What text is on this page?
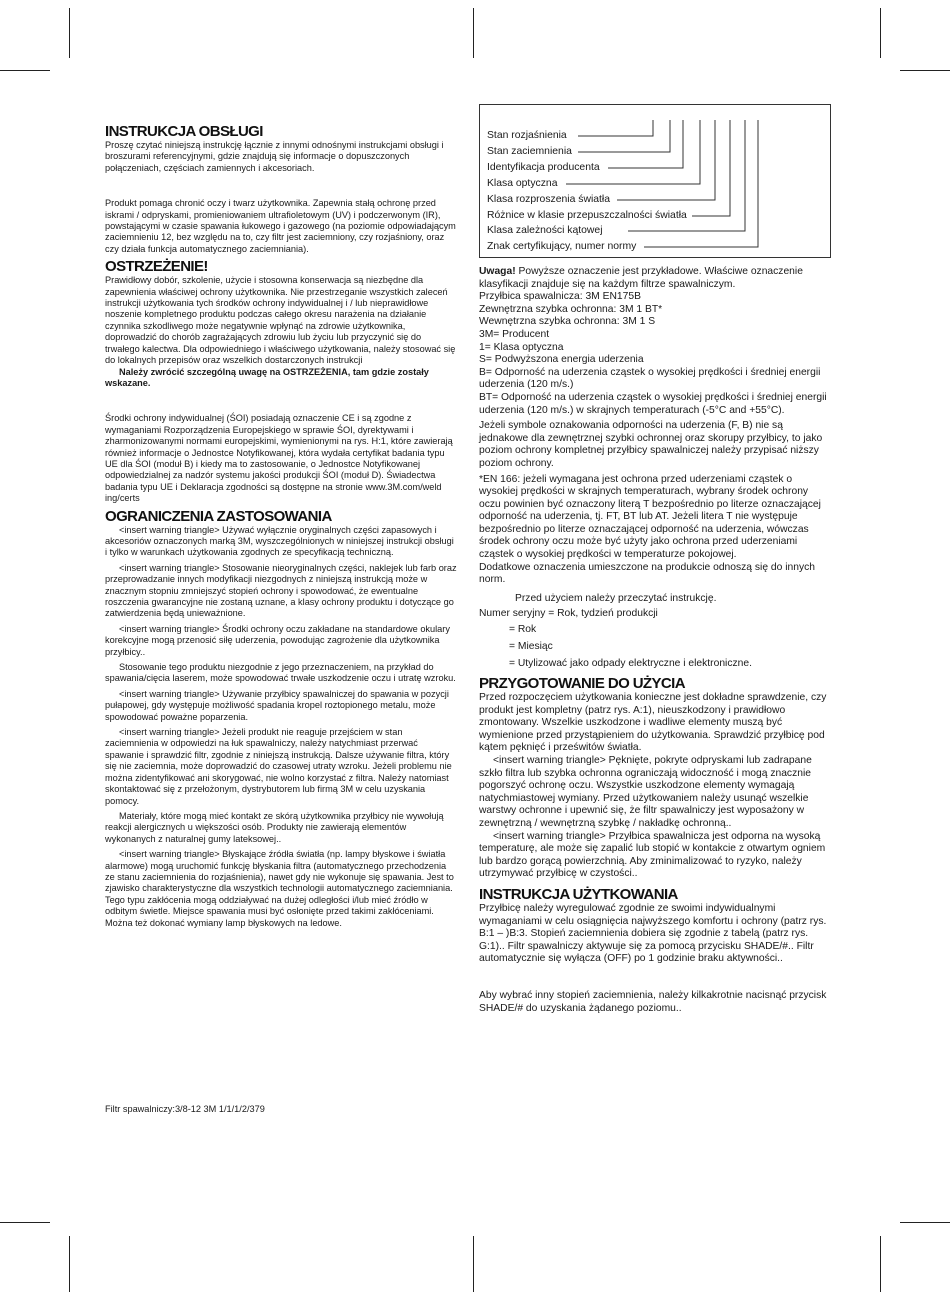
INSTRUKCJA OBSŁUGI

Proszę czytać niniejszą instrukcję łącznie z innymi odnośnymi instrukcjami obsługi i broszurami referencyjnymi, gdzie znajdują się informacje o dopuszczonych połączeniach, częściach zamiennych i akcesoriach.

Produkt pomaga chronić oczy i twarz użytkownika. Zapewnia stałą ochronę przed iskrami / odpryskami, promieniowaniem ultrafioletowym (UV) i podczerwonym (IR), powstającymi w czasie spawania łukowego i gazowego (na poziomie odpowiadającym zaciemnieniu 12, bez względu na to, czy filtr jest zaciemniony, czy rozjaśniony, oraz czy działa funkcja automatycznego zaciemniania).

OSTRZEŻENIE!

Prawidłowy dobór, szkolenie, użycie i stosowna konserwacja są niezbędne dla zapewnienia właściwej ochrony użytkownika. Nie przestrzeganie wszystkich zaleceń instrukcji użytkowania tych środków ochrony indywidualnej i / lub nieprawidłowe noszenie kompletnego produktu podczas całego okresu narażenia na działanie czynnika szkodliwego może negatywnie wpłynąć na zdrowie użytkownika, doprowadzić do chorób zagrażających zdrowiu lub życiu lub przyczynić się do trwałego kalectwa. Dla odpowiedniego i właściwego użytkowania, należy stosować się do lokalnych przepisów oraz wszelkich dostarczonych instrukcji

Należy zwrócić szczególną uwagę na OSTRZEŻENIA, tam gdzie zostały wskazane.

Środki ochrony indywidualnej (ŚOI) posiadają oznaczenie CE i są zgodne z wymaganiami Rozporządzenia Europejskiego w sprawie ŚOI, dyrektywami i zharmonizowanymi normami europejskimi, wymienionymi na rys. H:1, które zawierają również informacje o Jednostce Notyfikowanej, która wydała certyfikat badania typu UE dla ŚOI (moduł B) i kiedy ma to zastosowanie, o Jednostce Notyfikowanej odpowiedzialnej za nadzór systemu jakości produkcji ŚOI (moduł D). Świadectwa badania typu UE i Deklaracja zgodności są dostępne na stronie www.3M.com/weld ing/certs

OGRANICZENIA ZASTOSOWANIA

<insert warning triangle> Używać wyłącznie oryginalnych części zapasowych i akcesoriów oznaczonych marką 3M, wyszczególnionych w niniejszej instrukcji obsługi i tylko w warunkach użytkowania zgodnych ze specyfikacją techniczną.

<insert warning triangle> Stosowanie nieoryginalnych części, naklejek lub farb oraz przeprowadzanie innych modyfikacji niezgodnych z niniejszą instrukcją może w znacznym stopniu zmniejszyć stopień ochrony i spowodować, że ewentualne roszczenia gwarancyjne nie zostaną uznane, a klasy ochrony produktu i dotyczące go zatwierdzenia będą unieważnione.

<insert warning triangle> Środki ochrony oczu zakładane na standardowe okulary korekcyjne mogą przenosić siłę uderzenia, powodując zagrożenie dla użytkownika przyłbicy..

Stosowanie tego produktu niezgodnie z jego przeznaczeniem, na przykład do spawania/cięcia laserem, może spowodować trwałe uszkodzenie oczu i utratę wzroku.

<insert warning triangle> Używanie przyłbicy spawalniczej do spawania w pozycji pułapowej, gdy występuje możliwość spadania kropel roztopionego metalu, może spowodować poważne poparzenia.

<insert warning triangle> Jeżeli produkt nie reaguje przejściem w stan zaciemnienia w odpowiedzi na łuk spawalniczy, należy natychmiast przerwać spawanie i sprawdzić filtr, zgodnie z niniejszą instrukcją. Dalsze używanie filtra, który się nie zaciemnia, może doprowadzić do czasowej utraty wzroku. Jeżeli problemu nie można zidentyfikować ani skorygować, nie wolno korzystać z filtra. Należy natomiast skontaktować się z przełożonym, dystrybutorem lub firmą 3M w celu uzyskania pomocy.

Materiały, które mogą mieć kontakt ze skórą użytkownika przyłbicy nie wywołują reakcji alergicznych u większości osób. Produkty nie zawierają elementów wykonanych z naturalnej gumy lateksowej..

<insert warning triangle> Błyskające źródła światła (np. lampy błyskowe i światła alarmowe) mogą uruchomić funkcję błyskania filtra (automatycznego przechodzenia ze stanu zaciemnienia do rozjaśnienia), nawet gdy nie wykonuje się spawania. Jest to zjawisko charakterystyczne dla wszystkich technologii automatycznego zaciemniania. Tego typu zakłócenia mogą oddziaływać na dużej odległości i/lub mieć źródło w odbitym świetle. Miejsce spawania musi być osłonięte przed takimi zakłóceniami. Można też dokonać wymiany lamp błyskowych na ledowe.

Filtr spawalniczy:3/8-12 3M 1/1/1/2/379
Stan rozjaśnienia
Stan zaciemnienia
Identyfikacja producenta
Klasa optyczna
Klasa rozproszenia światła
Różnice w klasie przepuszczalności światła
Klasa zależności kątowej
Znak certyfikujący, numer normy

Uwaga! Powyższe oznaczenie jest przykładowe. Właściwe oznaczenie klasyfikacji znajduje się na każdym filtrze spawalniczym.

Przyłbica spawalnicza: 3M EN175B

Zewnętrzna szybka ochronna: 3M 1 BT*

Wewnętrzna szybka ochronna: 3M 1 S

3M= Producent

1= Klasa optyczna

S= Podwyższona energia uderzenia

B= Odporność na uderzenia cząstek o wysokiej prędkości i średniej energii uderzenia (120 m/s.)

BT= Odporność na uderzenia cząstek o wysokiej prędkości i średniej energii uderzenia (120 m/s.) w skrajnych temperaturach (-5°C and +55°C).

Jeżeli symbole oznakowania odporności na uderzenia (F, B) nie są jednakowe dla zewnętrznej szybki ochronnej oraz skorupy przyłbicy, to jako poziom ochrony kompletnej przyłbicy spawalniczej należy przypisać niższy poziom ochrony.

*EN 166: jeżeli wymagana jest ochrona przed uderzeniami cząstek o wysokiej prędkości w skrajnych temperaturach, wybrany środek ochrony oczu powinien być oznaczony literą T bezpośrednio po literze oznaczającej odporność na uderzenia, tj. FT, BT lub AT. Jeżeli litera T nie występuje bezpośrednio po literze oznaczającej odporność na uderzenia, wówczas środek ochrony oczu może być użyty jako ochrona przed uderzeniami cząstek o wysokiej prędkości w temperaturze pokojowej.

Dodatkowe oznaczenia umieszczone na produkcie odnoszą się do innych norm.

Przed użyciem należy przeczytać instrukcję.

Numer seryjny = Rok, tydzień produkcji

= Rok

= Miesiąc

= Utylizować jako odpady elektryczne i elektroniczne.

PRZYGOTOWANIE DO UŻYCIA

Przed rozpoczęciem użytkowania konieczne jest dokładne sprawdzenie, czy produkt jest kompletny (patrz rys. A:1), nieuszkodzony i prawidłowo zmontowany. Wszelkie uszkodzone i wadliwe elementy muszą być wymienione przed przystąpieniem do użytkowania. Sprawdzić przyłbicę pod kątem pęknięć i prześwitów światła.

<insert warning triangle> Pęknięte, pokryte odpryskami lub zadrapane szkło filtra lub szybka ochronna ograniczają widoczność i mogą znacznie pogorszyć ochronę oczu. Wszystkie uszkodzone elementy wymagają natychmiastowej wymiany. Przed użytkowaniem należy usunąć wszelkie warstwy ochronne i upewnić się, że filtr spawalniczy jest wyposażony w zewnętrzną / wewnętrzną szybkę / nakładkę ochronną..

<insert warning triangle> Przyłbica spawalnicza jest odporna na wysoką temperaturę, ale może się zapalić lub stopić w kontakcie z otwartym ogniem lub bardzo gorącą powierzchnią. Aby zminimalizować to ryzyko, należy utrzymywać przyłbicę w czystości..

INSTRUKCJA UŻYTKOWANIA

Przyłbicę należy wyregulować zgodnie ze swoimi indywidualnymi wymaganiami w celu osiągnięcia najwyższego komfortu i ochrony (patrz rys. B:1 – )B:3. Stopień zaciemnienia dobiera się zgodnie z tabelą (patrz rys. G:1).. Filtr spawalniczy aktywuje się za pomocą przycisku SHADE/#.. Filtr automatycznie się wyłącza (OFF) po 1 godzinie braku aktywności..

Aby wybrać inny stopień zaciemnienia, należy kilkakrotnie nacisnąć przycisk SHADE/# do uzyskania żądanego poziomu..
